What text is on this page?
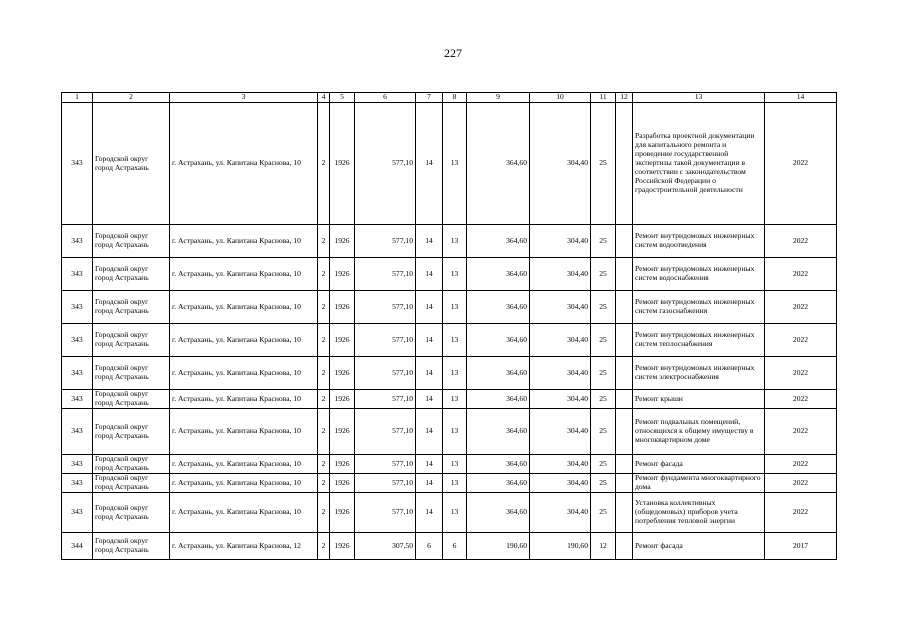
227
1	2	3	4	5	6	7	8	9	10	11	12	13	14
343	Городской округ город Астрахань	г. Астрахань, ул. Капитана Краснова, 10	2	1926	577,10	14	13	364,60	304,40	25		Разработка проектной документации для капитального ремонта и проведение государственной экспертизы такой документации в соответствии с законодательством Российской Федерации о градостроительной деятельности	2022
343	Городской округ город Астрахань	г. Астрахань, ул. Капитана Краснова, 10	2	1926	577,10	14	13	364,60	304,40	25		Ремонт внутридомовых инженерных систем водоотведения	2022
343	Городской округ город Астрахань	г. Астрахань, ул. Капитана Краснова, 10	2	1926	577,10	14	13	364,60	304,40	25		Ремонт внутридомовых инженерных систем водоснабжения	2022
343	Городской округ город Астрахань	г. Астрахань, ул. Капитана Краснова, 10	2	1926	577,10	14	13	364,60	304,40	25		Ремонт внутридомовых инженерных систем газоснабжения	2022
343	Городской округ город Астрахань	г. Астрахань, ул. Капитана Краснова, 10	2	1926	577,10	14	13	364,60	304,40	25		Ремонт внутридомовых инженерных систем теплоснабжения	2022
343	Городской округ город Астрахань	г. Астрахань, ул. Капитана Краснова, 10	2	1926	577,10	14	13	364,60	304,40	25		Ремонт внутридомовых инженерных систем электроснабжения	2022
343	Городской округ город Астрахань	г. Астрахань, ул. Капитана Краснова, 10	2	1926	577,10	14	13	364,60	304,40	25		Ремонт крыши	2022
343	Городской округ город Астрахань	г. Астрахань, ул. Капитана Краснова, 10	2	1926	577,10	14	13	364,60	304,40	25		Ремонт подвальных помещений, относящихся к общему имуществу в многоквартирном доме	2022
343	Городской округ город Астрахань	г. Астрахань, ул. Капитана Краснова, 10	2	1926	577,10	14	13	364,60	304,40	25		Ремонт фасада	2022
343	Городской округ город Астрахань	г. Астрахань, ул. Капитана Краснова, 10	2	1926	577,10	14	13	364,60	304,40	25		Ремонт фундамента многоквартирного дома	2022
343	Городской округ город Астрахань	г. Астрахань, ул. Капитана Краснова, 10	2	1926	577,10	14	13	364,60	304,40	25		Установка коллективных (общедомовых) приборов учета потребления тепловой энергии	2022
344	Городской округ город Астрахань	г. Астрахань, ул. Капитана Краснова, 12	2	1926	307,50	6	6	190,60	190,60	12		Ремонт фасада	2017
